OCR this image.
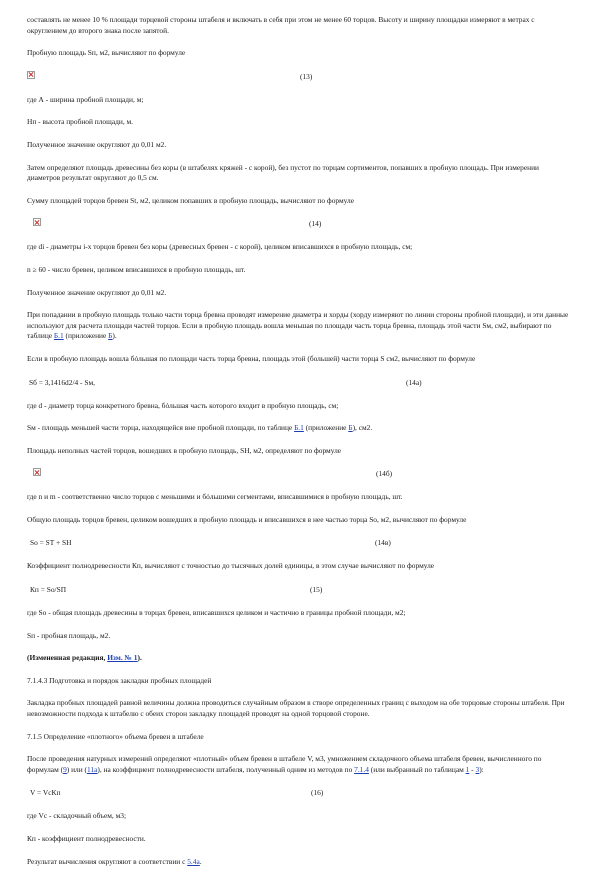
составлять не менее 10 % площади торцевой стороны штабеля и включать в себя при этом не менее 60 торцов. Высоту и ширину площадки измеряют в метрах с округлением до второго знака после запятой.

Пробную площадь Sп, м2, вычисляют по формуле

(13)

где А - ширина пробной площади, м;

Нп - высота пробной площади, м.

Полученное значение округляют до 0,01 м2.

Затем определяют площадь древесины без коры (в штабелях кряжей - с корой), без пустот по торцам сортиментов, попавших в пробную площадь. При измерении диаметров результат округляют до 0,5 см.

Сумму площадей торцов бревен St, м2, целиком попавших в пробную площадь, вычисляют по формуле

(14)

где di - диаметры i-х торцов бревен без коры (древесных бревен - с корой), целиком вписавшихся в пробную площадь, см;

n ≥ 60 - число бревен, целиком вписавшихся в пробную площадь, шт.

Полученное значение округляют до 0,01 м2.

При попадании в пробную площадь только части торца бревна проводят измерение диаметра и хорды (хорду измеряют по линии стороны пробной площади), и эти данные используют для расчета площади частей торцов. Если в пробную площадь вошла меньшая по площади часть торца бревна, площадь этой части Sм, см2, выбирают по таблице Б.1 (приложение Б).

Если в пробную площадь вошла бόльшая по площади часть торца бревна, площадь этой (большей) части торца S см2, вычисляют по формуле

Sб = 3,1416d2/4 - Sм,	(14а)

где d - диаметр торца конкретного бревна, бόльшая часть которого входит в пробную площадь, см;

Sм - площадь меньшей части торца, находящейся вне пробной площади, по таблице Б.1 (приложение Б), см2.

Площадь неполных частей торцов, вошедших в пробную площадь, SН, м2, определяют по формуле

(14б)

где n и m - соответственно число торцов с меньшими и бόльшими сегментами, вписавшимися в пробную площадь, шт.

Общую площадь торцов бревен, целиком вошедших в пробную площадь и вписавшихся в нее частью торца Sо, м2, вычисляют по формуле

So = ST + SН	(14в)

Коэффициент полнодревесности Кп, вычисляют с точностью до тысячных долей единицы, в этом случае вычисляют по формуле

Кп = So/SП	(15)

где Sо - общая площадь древесины в торцах бревен, вписавшихся целиком и частично в границы пробной площади, м2;

Sп - пробная площадь, м2.

(Измененная редакция, Изм. № 1).

7.1.4.3 Подготовка и порядок закладки пробных площадей

Закладка пробных площадей равной величины должна проводиться случайным образом в створе определенных границ с выходом на обе торцовые стороны штабеля. При невозможности подхода к штабелю с обеих сторон закладку площадей проводят на одной торцовой стороне.

7.1.5 Определение «плотного» объема бревен в штабеле

После проведения натурных измерений определяют «плотный» объем бревен в штабеле V, м3, умножением складочного объема штабеля бревен, вычисленного по формулам (9) или (11а), на коэффициент полнодревесности штабеля, полученный одним из методов по 7.1.4 (или выбранный по таблицам 1 - 3):

V = VсКп	(16)

где Vс - складочный объем, м3;

Кп - коэффициент полнодревесности.

Результат вычисления округляют в соответствии с 5.4а.
